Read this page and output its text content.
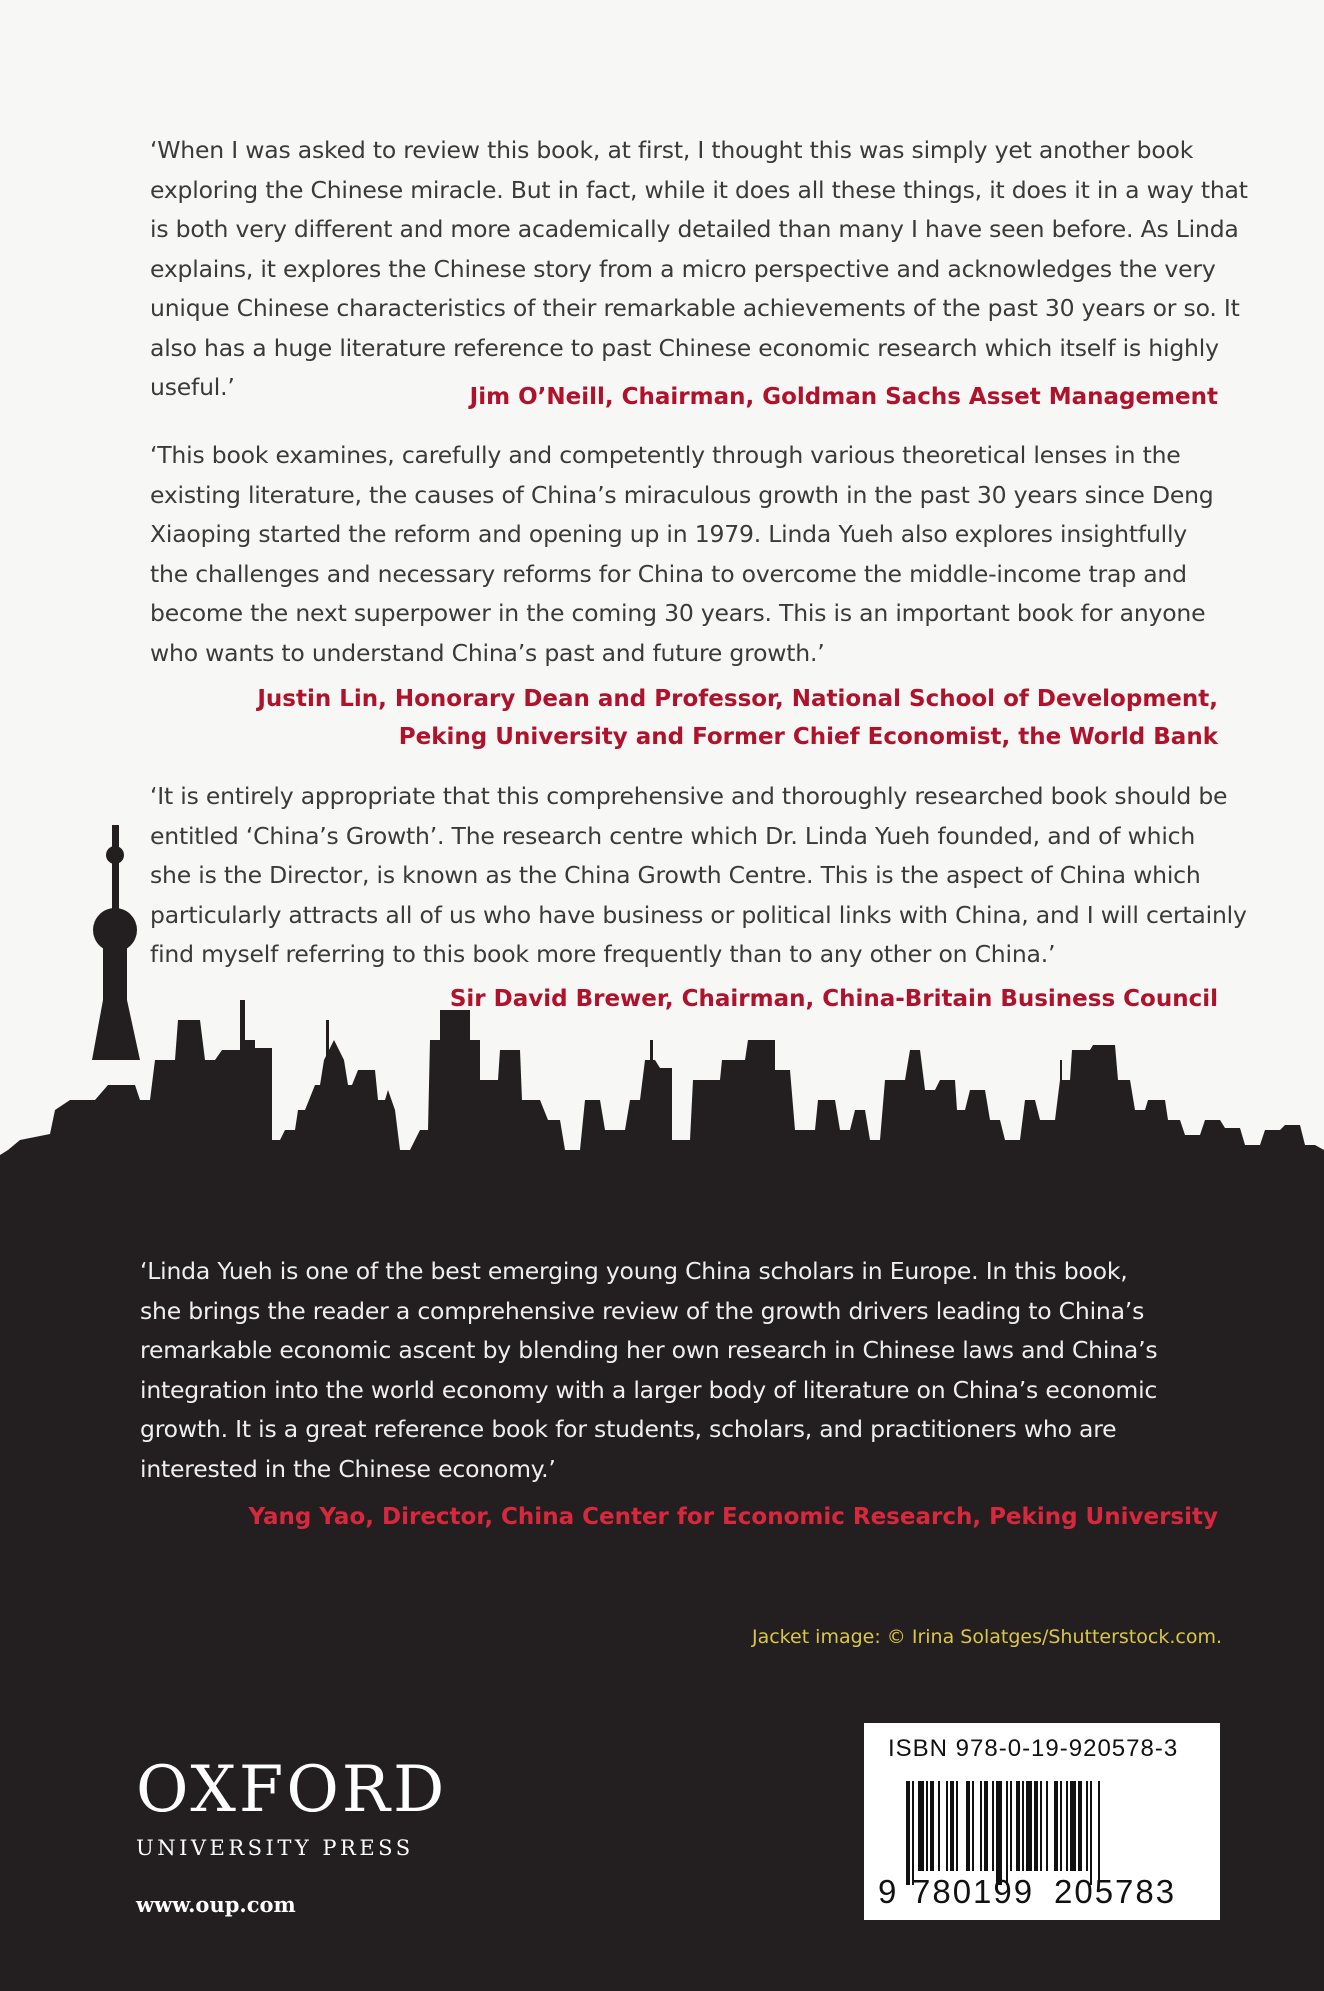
‘When I was asked to review this book, at first, I thought this was simply yet another book
exploring the Chinese miracle. But in fact, while it does all these things, it does it in a way that
is both very different and more academically detailed than many I have seen before. As Linda
explains, it explores the Chinese story from a micro perspective and acknowledges the very
unique Chinese characteristics of their remarkable achievements of the past 30 years or so. It
also has a huge literature reference to past Chinese economic research which itself is highly
useful.’	Jim O’Neill, Chairman, Goldman Sachs Asset Management
‘This book examines, carefully and competently through various theoretical lenses in the
existing literature, the causes of China’s miraculous growth in the past 30 years since Deng
Xiaoping started the reform and opening up in 1979. Linda Yueh also explores insightfully
the challenges and necessary reforms for China to overcome the middle-income trap and
become the next superpower in the coming 30 years. This is an important book for anyone
who wants to understand China’s past and future growth.’
Justin Lin, Honorary Dean and Professor, National School of Development,
Peking University and Former Chief Economist, the World Bank
‘It is entirely appropriate that this comprehensive and thoroughly researched book should be
entitled ‘China’s Growth’. The research centre which Dr. Linda Yueh founded, and of which
she is the Director, is known as the China Growth Centre. This is the aspect of China which
particularly attracts all of us who have business or political links with China, and I will certainly
find myself referring to this book more frequently than to any other on China.’
Sir David Brewer, Chairman, China-Britain Business Council
‘Linda Yueh is one of the best emerging young China scholars in Europe. In this book,
she brings the reader a comprehensive review of the growth drivers leading to China’s
remarkable economic ascent by blending her own research in Chinese laws and China’s
integration into the world economy with a larger body of literature on China’s economic
growth. It is a great reference book for students, scholars, and practitioners who are
interested in the Chinese economy.’
Yang Yao, Director, China Center for Economic Research, Peking University
Jacket image: © Irina Solatges/Shutterstock.com.
OXFORD
UNIVERSITY PRESS
www.oup.com
ISBN 978-0-19-920578-3
9 780199 205783
